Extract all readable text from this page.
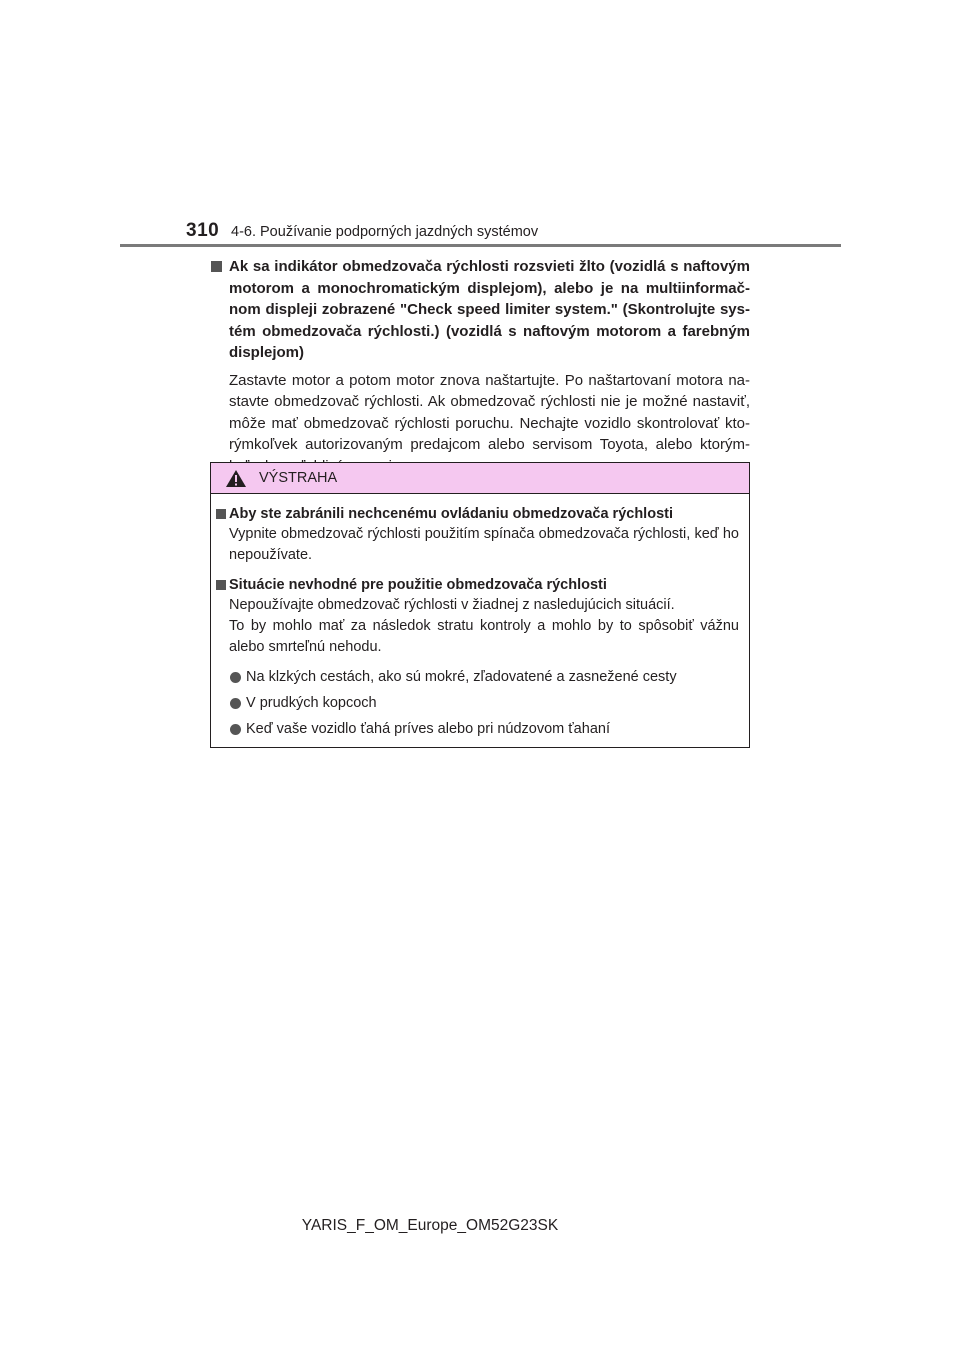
310 4-6. Používanie podporných jazdných systémov
Ak sa indikátor obmedzovača rýchlosti rozsvieti žlto (vozidlá s naftovým motorom a monochromatickým displejom), alebo je na multiinformač-nom displeji zobrazené "Check speed limiter system." (Skontrolujte sys-tém obmedzovača rýchlosti.) (vozidlá s naftovým motorom a farebným displejom)
Zastavte motor a potom motor znova naštartujte. Po naštartovaní motora na-stavte obmedzovač rýchlosti. Ak obmedzovač rýchlosti nie je možné nastaviť, môže mať obmedzovač rýchlosti poruchu. Nechajte vozidlo skontrolovať kto-rýmkoľvek autorizovaným predajcom alebo servisom Toyota, alebo ktorým-
VÝSTRAHA
Aby ste zabránili nechcenému ovládaniu obmedzovača rýchlosti
Vypnite obmedzovač rýchlosti použitím spínača obmedzovača rýchlosti, keď ho nepoužívate.
Situácie nevhodné pre použitie obmedzovača rýchlosti
Nepoužívajte obmedzovač rýchlosti v žiadnej z nasledujúcich situácií.
To by mohlo mať za následok stratu kontroly a mohlo by to spôsobiť vážnu alebo smrteľnú nehodu.
Na klzkých cestách, ako sú mokré, zľadovatené a zasnežené cesty
V prudkých kopcoch
Keď vaše vozidlo ťahá príves alebo pri núdzovom ťahaní
YARIS_F_OM_Europe_OM52G23SK
